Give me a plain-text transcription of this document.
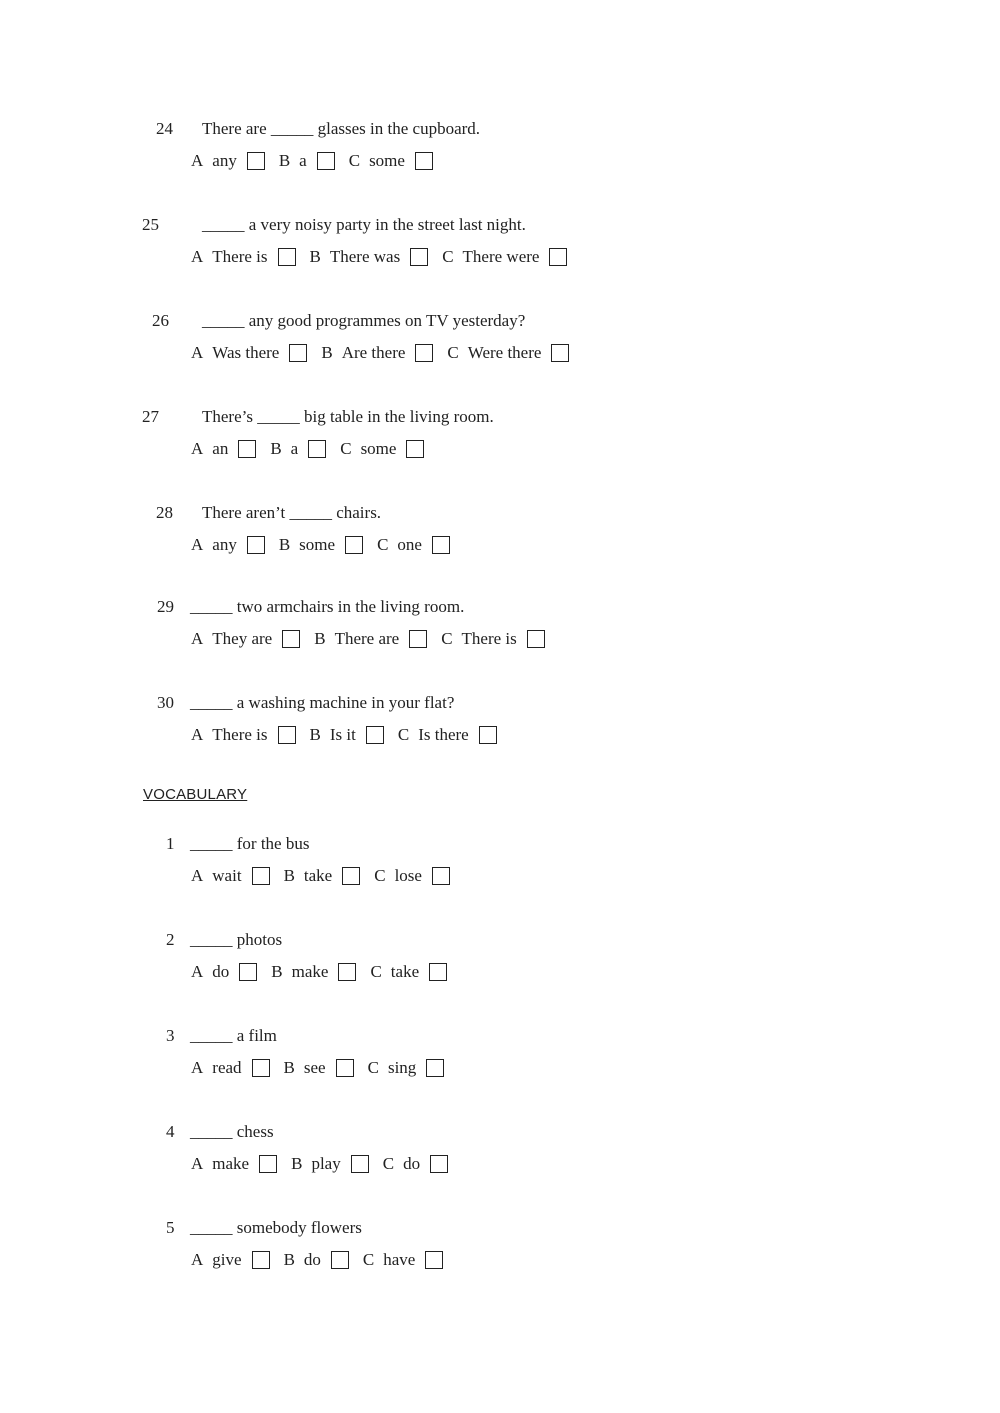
24 There are _____ glasses in the cupboard.
A any B a C some
25	_____ a very noisy party in the street last night.
A There is B There was C There were
26 _____ any good programmes on TV yesterday?
A Was there B Are there C Were there
27	There’s _____ big table in the living room.
A an B a C some
28 There aren’t _____ chairs.
A any B some C one
29 _____ two armchairs in the living room.
A They are B There are C There is
30 _____ a washing machine in your flat?
A There is B Is it C Is there
VOCABULARY
1 _____ for the bus
A wait B take C lose
2 _____ photos
A do B make C take
3 _____ a film
A read B see C sing
4 _____ chess
A make B play C do
5 _____ somebody flowers
A give B do C have
